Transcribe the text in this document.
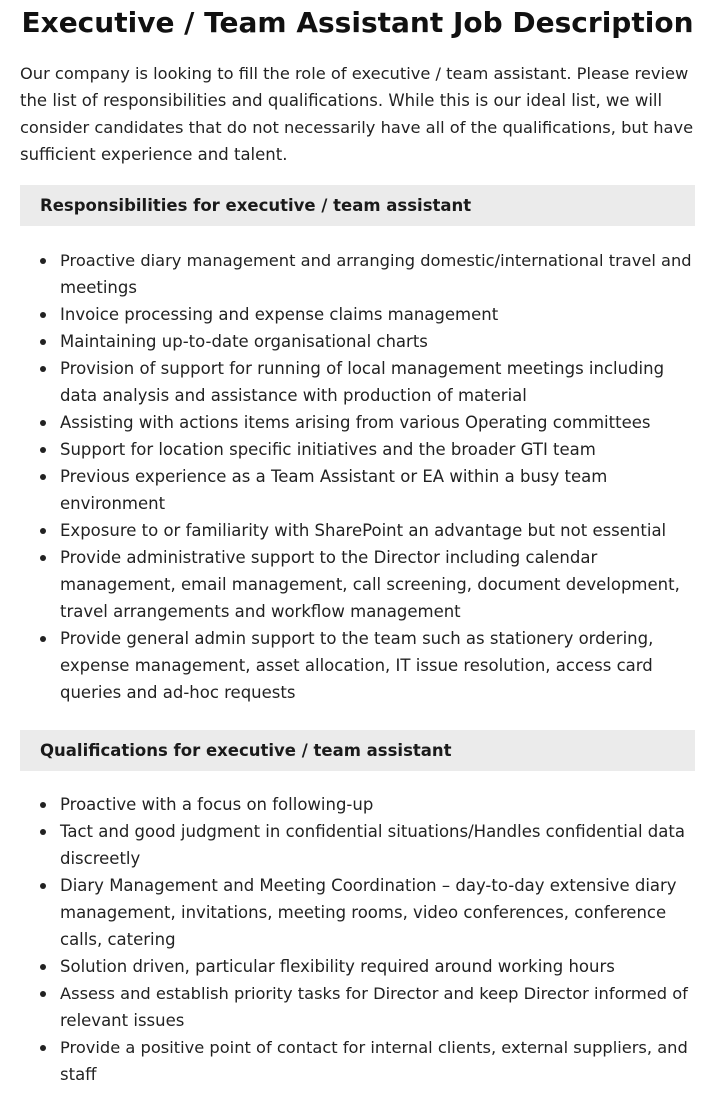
Executive / Team Assistant Job Description

Our company is looking to fill the role of executive / team assistant. Please review
the list of responsibilities and qualifications. While this is our ideal list, we will
consider candidates that do not necessarily have all of the qualifications, but have
sufficient experience and talent.

Responsibilities for executive / team assistant
Proactive diary management and arranging domestic/international travel and
meetings
Invoice processing and expense claims management
Maintaining up-to-date organisational charts
Provision of support for running of local management meetings including
data analysis and assistance with production of material
Assisting with actions items arising from various Operating committees
Support for location specific initiatives and the broader GTI team
Previous experience as a Team Assistant or EA within a busy team
environment
Exposure to or familiarity with SharePoint an advantage but not essential
Provide administrative support to the Director including calendar
management, email management, call screening, document development,
travel arrangements and workflow management
Provide general admin support to the team such as stationery ordering,
expense management, asset allocation, IT issue resolution, access card
queries and ad-hoc requests
Qualifications for executive / team assistant
Proactive with a focus on following-up
Tact and good judgment in confidential situations/Handles confidential data
discreetly
Diary Management and Meeting Coordination – day-to-day extensive diary
management, invitations, meeting rooms, video conferences, conference
calls, catering
Solution driven, particular flexibility required around working hours
Assess and establish priority tasks for Director and keep Director informed of
relevant issues
Provide a positive point of contact for internal clients, external suppliers, and
staff
